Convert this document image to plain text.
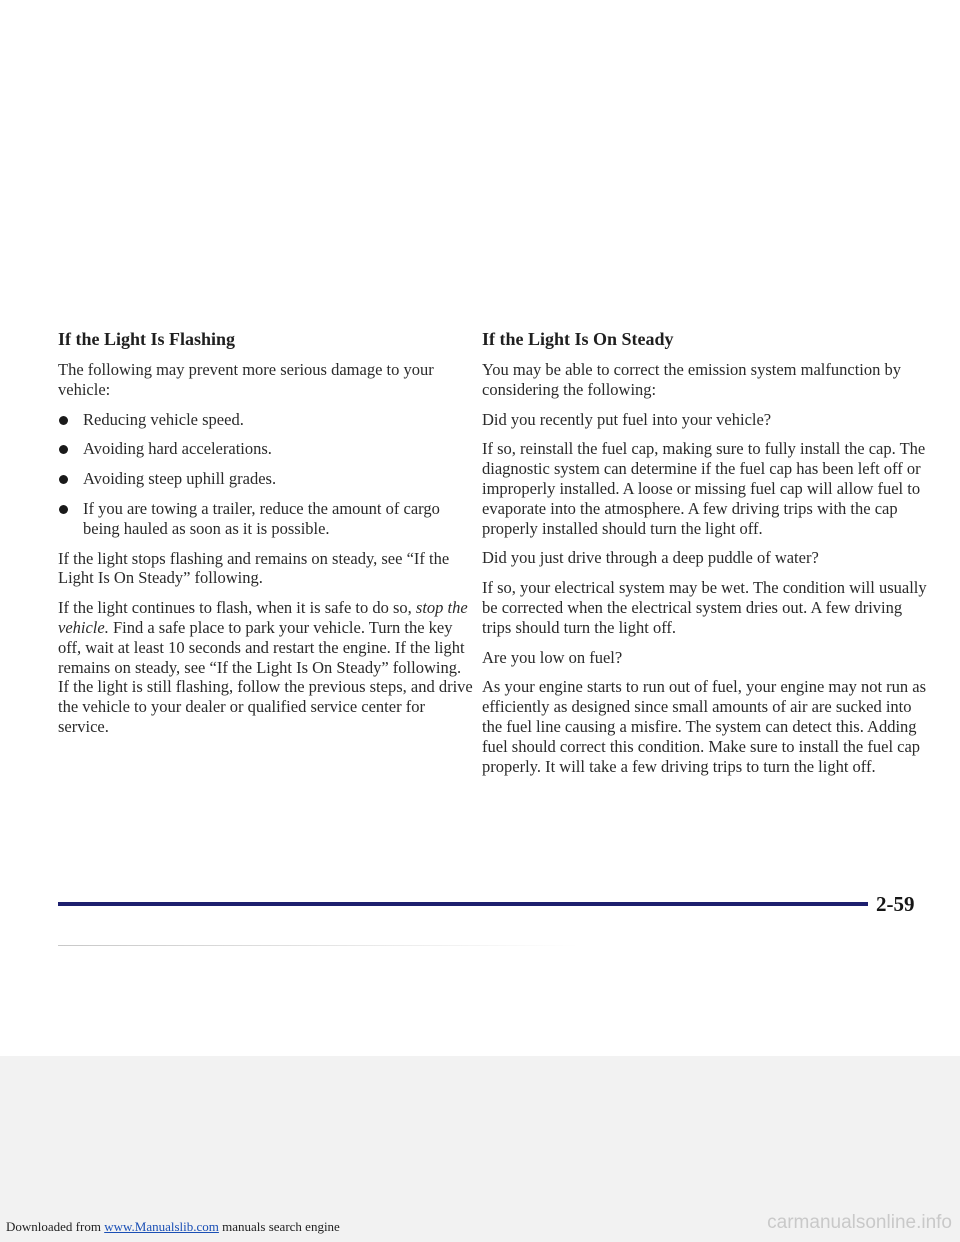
If the Light Is Flashing

The following may prevent more serious damage to your vehicle:

Reducing vehicle speed.
Avoiding hard accelerations.
Avoiding steep uphill grades.
If you are towing a trailer, reduce the amount of cargo being hauled as soon as it is possible.

If the light stops flashing and remains on steady, see “If the Light Is On Steady” following.

If the light continues to flash, when it is safe to do so, stop the vehicle. Find a safe place to park your vehicle. Turn the key off, wait at least 10 seconds and restart the engine. If the light remains on steady, see “If the Light Is On Steady” following. If the light is still flashing, follow the previous steps, and drive the vehicle to your dealer or qualified service center for service.

If the Light Is On Steady

You may be able to correct the emission system malfunction by considering the following:

Did you recently put fuel into your vehicle?

If so, reinstall the fuel cap, making sure to fully install the cap. The diagnostic system can determine if the fuel cap has been left off or improperly installed. A loose or missing fuel cap will allow fuel to evaporate into the atmosphere. A few driving trips with the cap properly installed should turn the light off.

Did you just drive through a deep puddle of water?

If so, your electrical system may be wet. The condition will usually be corrected when the electrical system dries out. A few driving trips should turn the light off.

Are you low on fuel?

As your engine starts to run out of fuel, your engine may not run as efficiently as designed since small amounts of air are sucked into the fuel line causing a misfire. The system can detect this. Adding fuel should correct this condition. Make sure to install the fuel cap properly. It will take a few driving trips to turn the light off.

2-59
Downloaded from www.Manualslib.com manuals search engine	carmanualsonline.info
